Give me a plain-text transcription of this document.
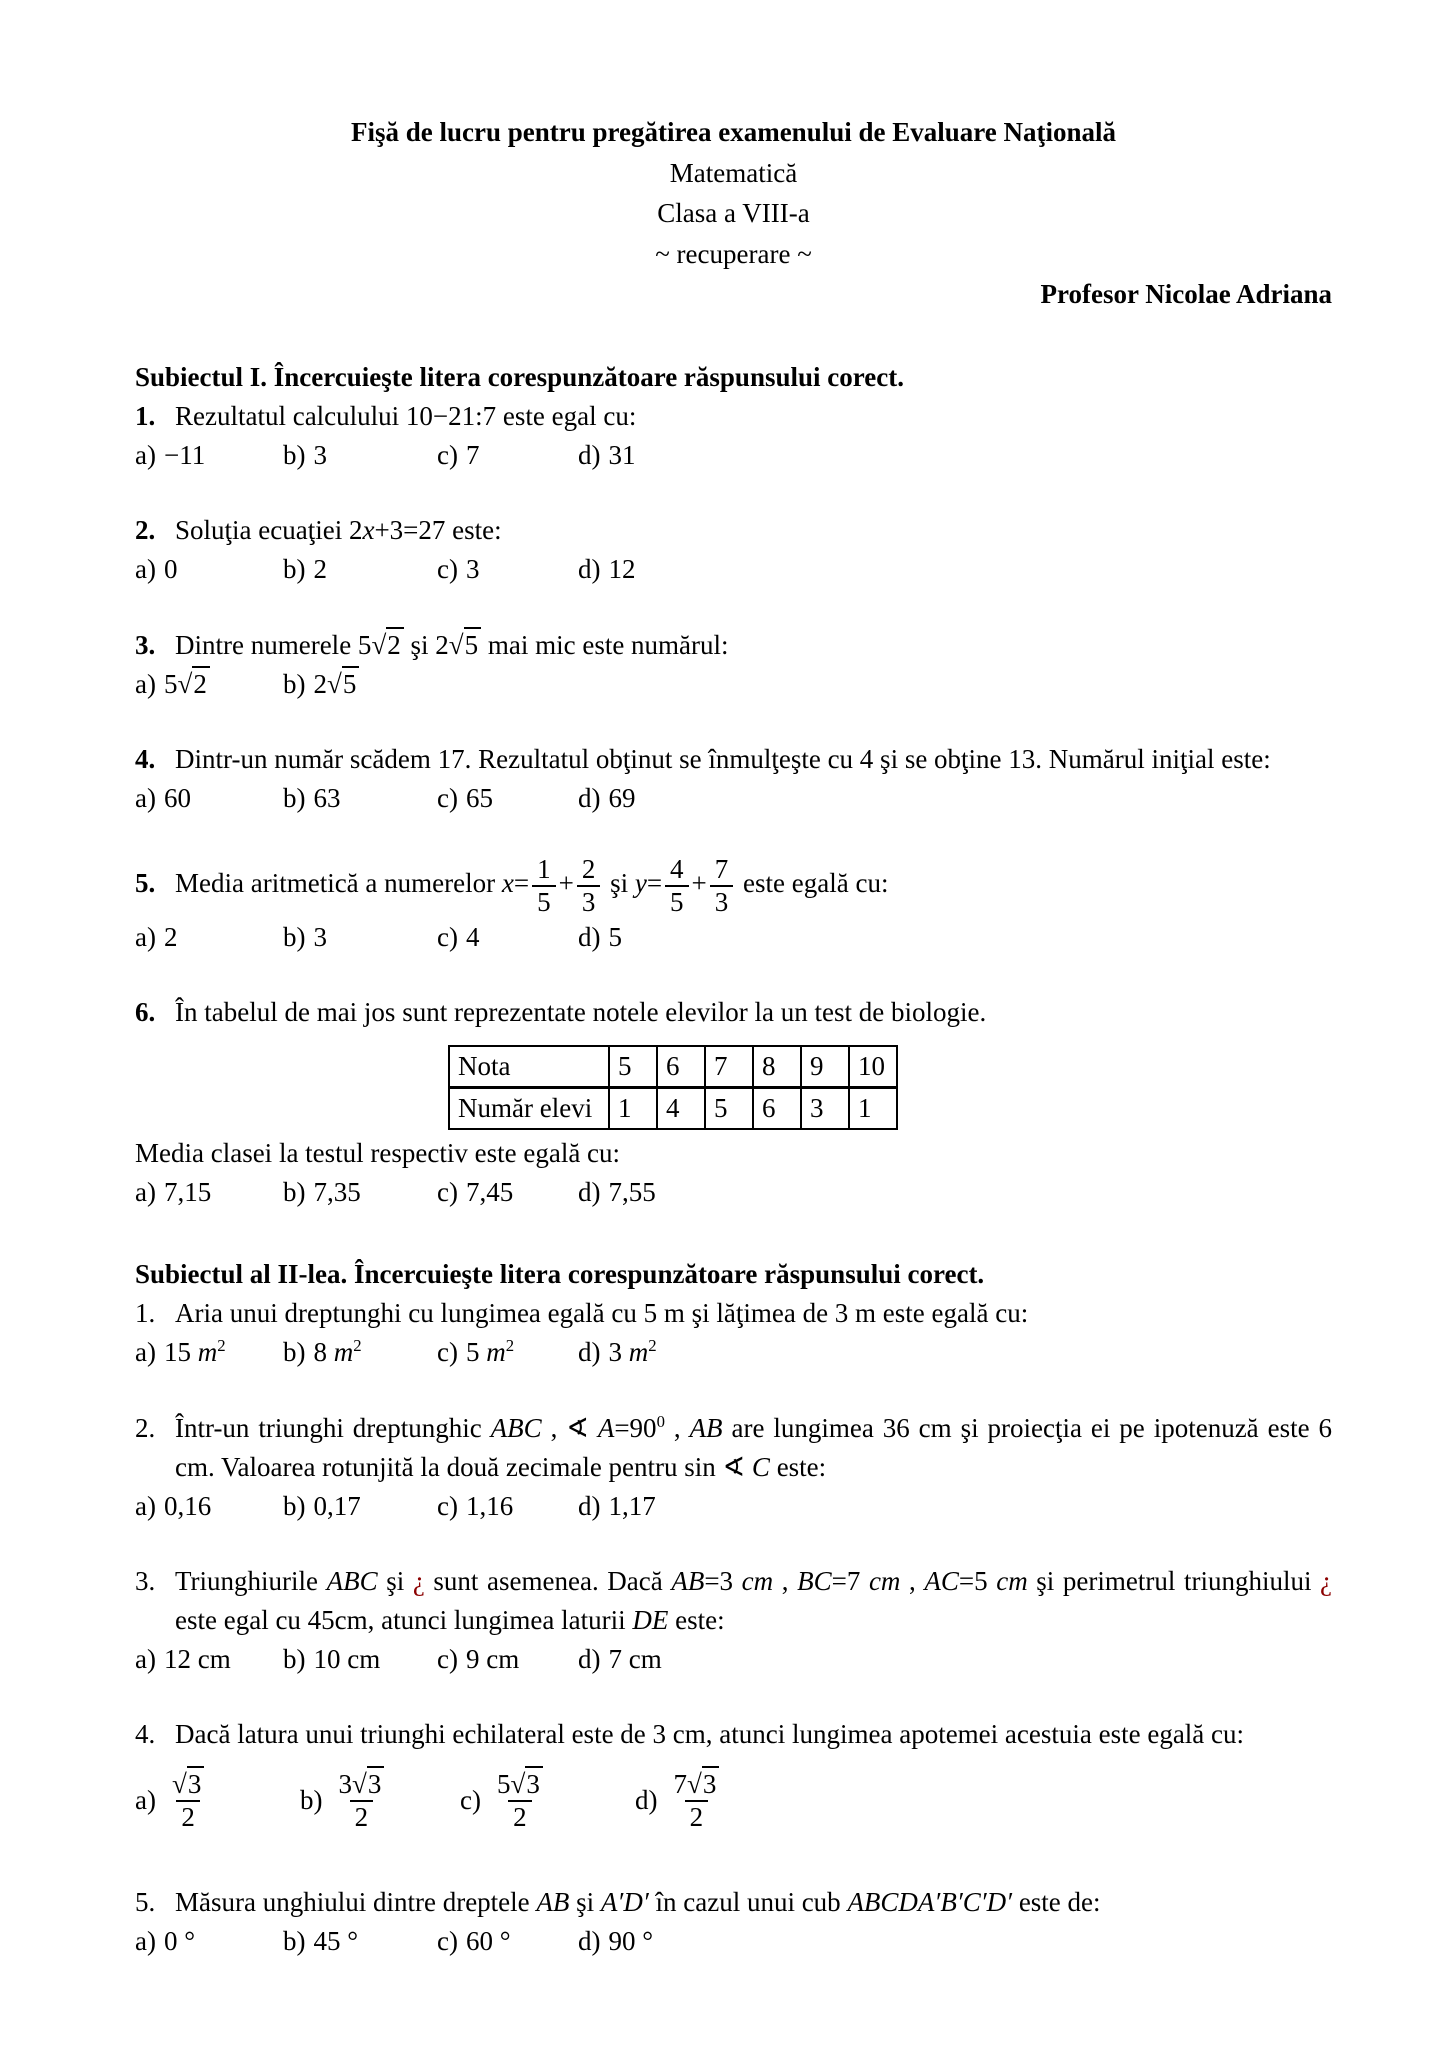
Fişă de lucru pentru pregătirea examenului de Evaluare Naţională

Matematică

Clasa a VIII-a

~ recuperare ~

Profesor Nicolae Adriana

Subiectul I. Încercuieşte litera corespunzătoare răspunsului corect.

1. Rezultatul calculului 10−21:7 este egal cu:

a) −11	b) 3	c) 7	d) 31

2. Soluţia ecuaţiei 2x+3=27 este:

a) 0	b) 2	c) 3	d) 12

3. Dintre numerele 5√2 şi 2√5 mai mic este numărul:

a) 5√2	b) 2√5

4. Dintr-un număr scădem 17. Rezultatul obţinut se înmulţeşte cu 4 şi se obţine 13. Numărul iniţial este:

a) 60	b) 63	c) 65	d) 69

5. Media aritmetică a numerelor $x= \frac{1}{5} + \frac{2}{3}$ şi $y= \frac{4}{5} + \frac{7}{3}$ este egală cu:

a) 2	b) 3	c) 4	d) 5

6. În tabelul de mai jos sunt reprezentate notele elevilor la un test de biologie.

Nota	5	6	7	8	9	10
Număr elevi	1	4	5	6	3	1

Media clasei la testul respectiv este egală cu:

a) 7,15	b) 7,35	c) 7,45 d) 7,55

Subiectul al II-lea. Încercuieşte litera corespunzătoare răspunsului corect.

1. Aria unui dreptunghi cu lungimea egală cu 5 m şi lăţimea de 3 m este egală cu:

a) 15 $m^2$ b) 8 $m^2$	c) 5 $m^2$ d) 3 $m^2$

2. Într-un triunghi dreptunghic ABC , ∢ $A=90^0$ , AB are lungimea 36 cm şi proiecţia ei pe ipotenuză este 6 cm. Valoarea rotunjită la două zecimale pentru sin ∢ C este:

a) 0,16	b) 0,17	c) 1,16 d) 1,17

3. Triunghiurile ABC şi ¿ sunt asemenea. Dacă AB=3 cm , BC=7 cm , AC=5 cm şi perimetrul triunghiului ¿ este egal cu 45cm, atunci lungimea laturii DE este:

a) 12 cm b) 10 cm c) 9 cm d) 7 cm

4. Dacă latura unui triunghi echilateral este de 3 cm, atunci lungimea apotemei acestuia este egală cu:

$a) \frac{√3}{2}$	$b) \frac{3√3}{2}$	$c) \frac{5√3}{2}$	$d) \frac{7√3}{2}$

5. Măsura unghiului dintre dreptele AB şi A′D′ în cazul unui cub ABCDA′B′C′D′ este de:

a) 0 °	b) 45 °	c) 60 ° d) 90 °
